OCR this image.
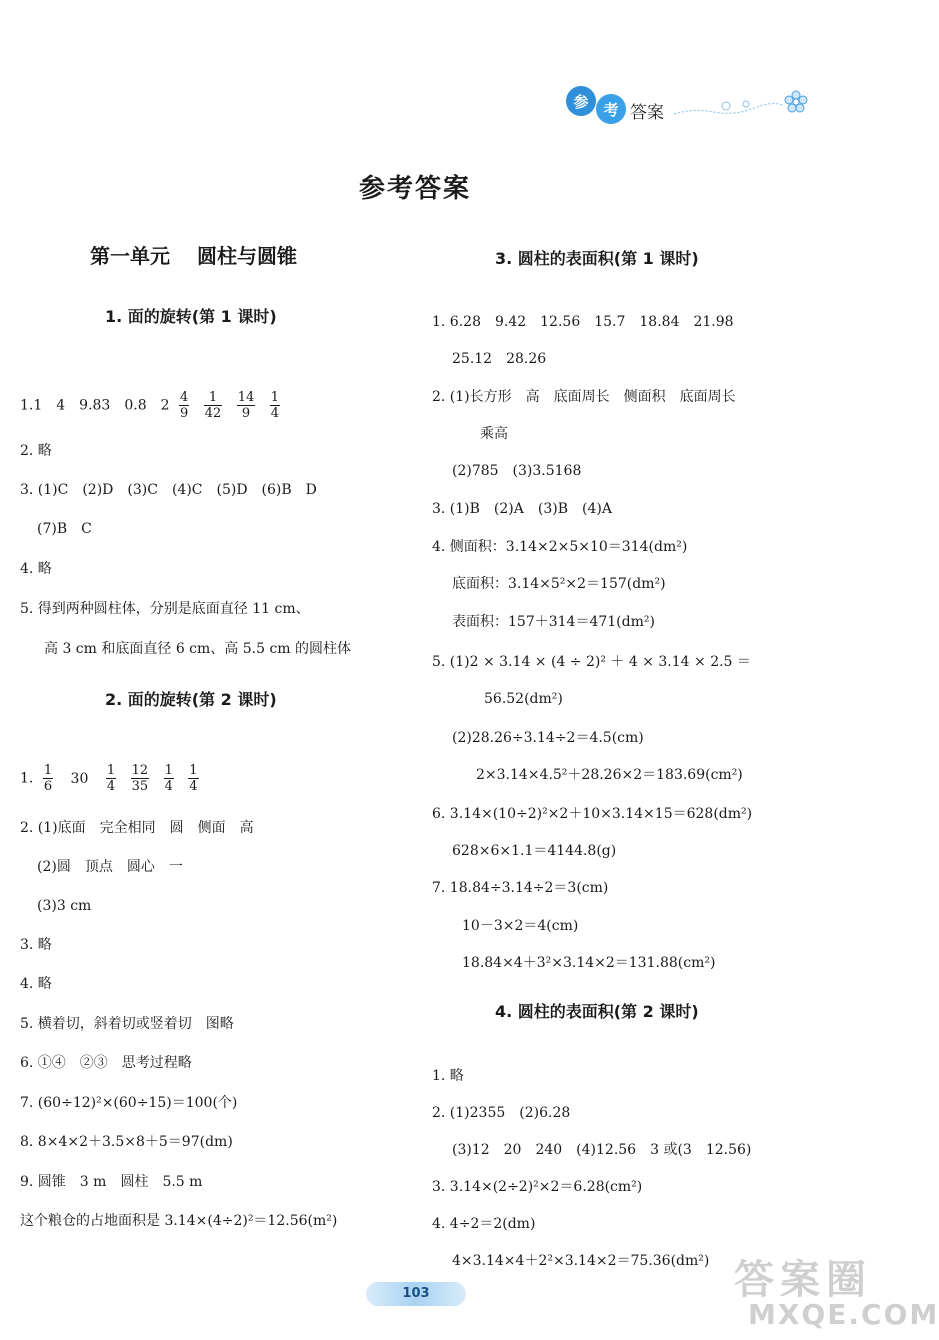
参 考 答案
参考答案
第一单元　 圆柱与圆锥
1. 面的旋转(第 1 课时)
1.1　4　9.83　0.8　$2 \frac{4}{9}$
$\frac{1}{42}$
$\frac{14}{9}$
$\frac{1}{4}$
2. 略
3. (1)C　(2)D　(3)C　(4)C　(5)D　(6)B　D
(7)B　C
4. 略
5. 得到两种圆柱体，分别是底面直径 11 cm、
高 3 cm 和底面直径 6 cm、高 5.5 cm 的圆柱体
2. 面的旋转(第 2 课时)
1. $\frac{1}{6} 30 \frac{1}{4}$
$\frac{12}{35}$
$\frac{1}{4}$
$\frac{1}{4}$
2. (1)底面　完全相同　圆　侧面　高
(2)圆　顶点　圆心　一
(3)3 cm
3. 略
4. 略
5. 横着切，斜着切或竖着切　图略
6. ①④　②③　思考过程略
7. (60÷12)²×(60÷15)＝100(个)
8. 8×4×2＋3.5×8＋5＝97(dm)
9. 圆锥　3 m　圆柱　5.5 m
这个粮仓的占地面积是 3.14×(4÷2)²＝12.56(m²)
3. 圆柱的表面积(第 1 课时)
1. 6.28　9.42　12.56　15.7　18.84　21.98
25.12　28.26
2. (1)长方形　高　底面周长　侧面积　底面周长
乘高
(2)785　(3)3.5168
3. (1)B　(2)A　(3)B　(4)A
4. 侧面积：3.14×2×5×10＝314(dm²)
底面积：3.14×5²×2＝157(dm²)
表面积：157＋314＝471(dm²)
5. (1)2 × 3.14 × (4 ÷ 2)² ＋ 4 × 3.14 × 2.5 ＝
56.52(dm²)
(2)28.26÷3.14÷2＝4.5(cm)
2×3.14×4.5²＋28.26×2＝183.69(cm²)
6. 3.14×(10÷2)²×2＋10×3.14×15＝628(dm²)
628×6×1.1＝4144.8(g)
7. 18.84÷3.14÷2＝3(cm)
10－3×2＝4(cm)
18.84×4＋3²×3.14×2＝131.88(cm²)
4. 圆柱的表面积(第 2 课时)
1. 略
2. (1)2355　(2)6.28
(3)12　20　240　(4)12.56　3 或(3　12.56)
3. 3.14×(2÷2)²×2＝6.28(cm²)
4. 4÷2＝2(dm)
4×3.14×4＋2²×3.14×2＝75.36(dm²)
103	答案圈
MXQE.COM
